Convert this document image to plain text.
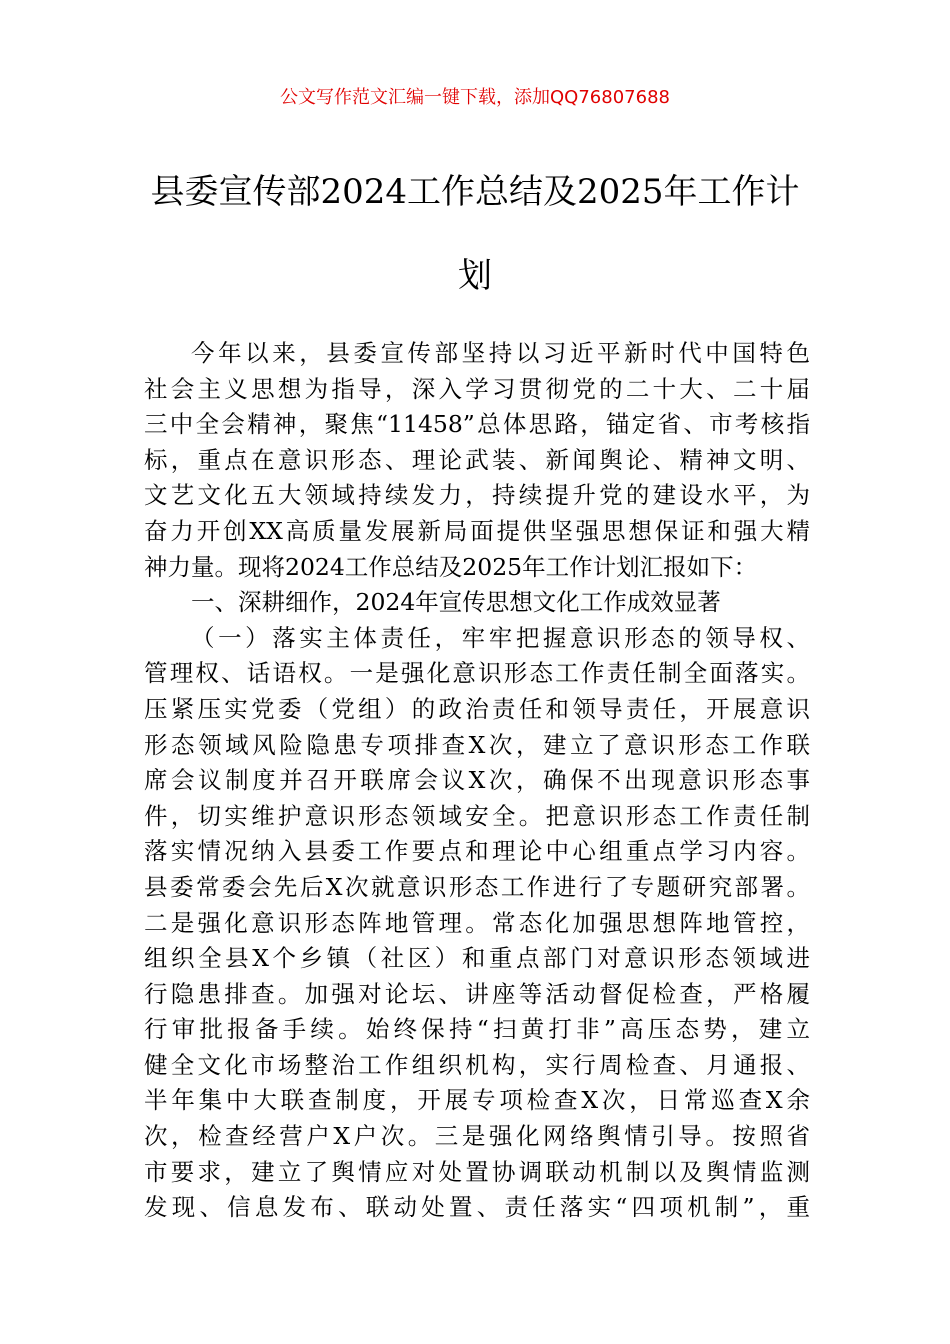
公文写作范文汇编一键下载，添加QQ76807688
县委宣传部2024工作总结及2025年工作计划

今年以来，县委宣传部坚持以习近平新时代中国特色

社会主义思想为指导，深入学习贯彻党的二十大、二十届

三中全会精神，聚焦“11458”总体思路，锚定省、市考核指

标，重点在意识形态、理论武装、新闻舆论、精神文明、

文艺文化五大领域持续发力，持续提升党的建设水平，为

奋力开创XX高质量发展新局面提供坚强思想保证和强大精

神力量。现将2024工作总结及2025年工作计划汇报如下：

一、深耕细作，2024年宣传思想文化工作成效显著

（一）落实主体责任，牢牢把握意识形态的领导权、

管理权、话语权。一是强化意识形态工作责任制全面落实。

压紧压实党委（党组）的政治责任和领导责任，开展意识

形态领域风险隐患专项排查X次，建立了意识形态工作联

席会议制度并召开联席会议X次，确保不出现意识形态事

件，切实维护意识形态领域安全。把意识形态工作责任制

落实情况纳入县委工作要点和理论中心组重点学习内容。

县委常委会先后X次就意识形态工作进行了专题研究部署。

二是强化意识形态阵地管理。常态化加强思想阵地管控，

组织全县X个乡镇（社区）和重点部门对意识形态领域进

行隐患排查。加强对论坛、讲座等活动督促检查，严格履

行审批报备手续。始终保持“扫黄打非”高压态势，建立

健全文化市场整治工作组织机构，实行周检查、月通报、

半年集中大联查制度，开展专项检查X次，日常巡查X余

次，检查经营户X户次。三是强化网络舆情引导。按照省

市要求，建立了舆情应对处置协调联动机制以及舆情监测

发现、信息发布、联动处置、责任落实“四项机制”，重
